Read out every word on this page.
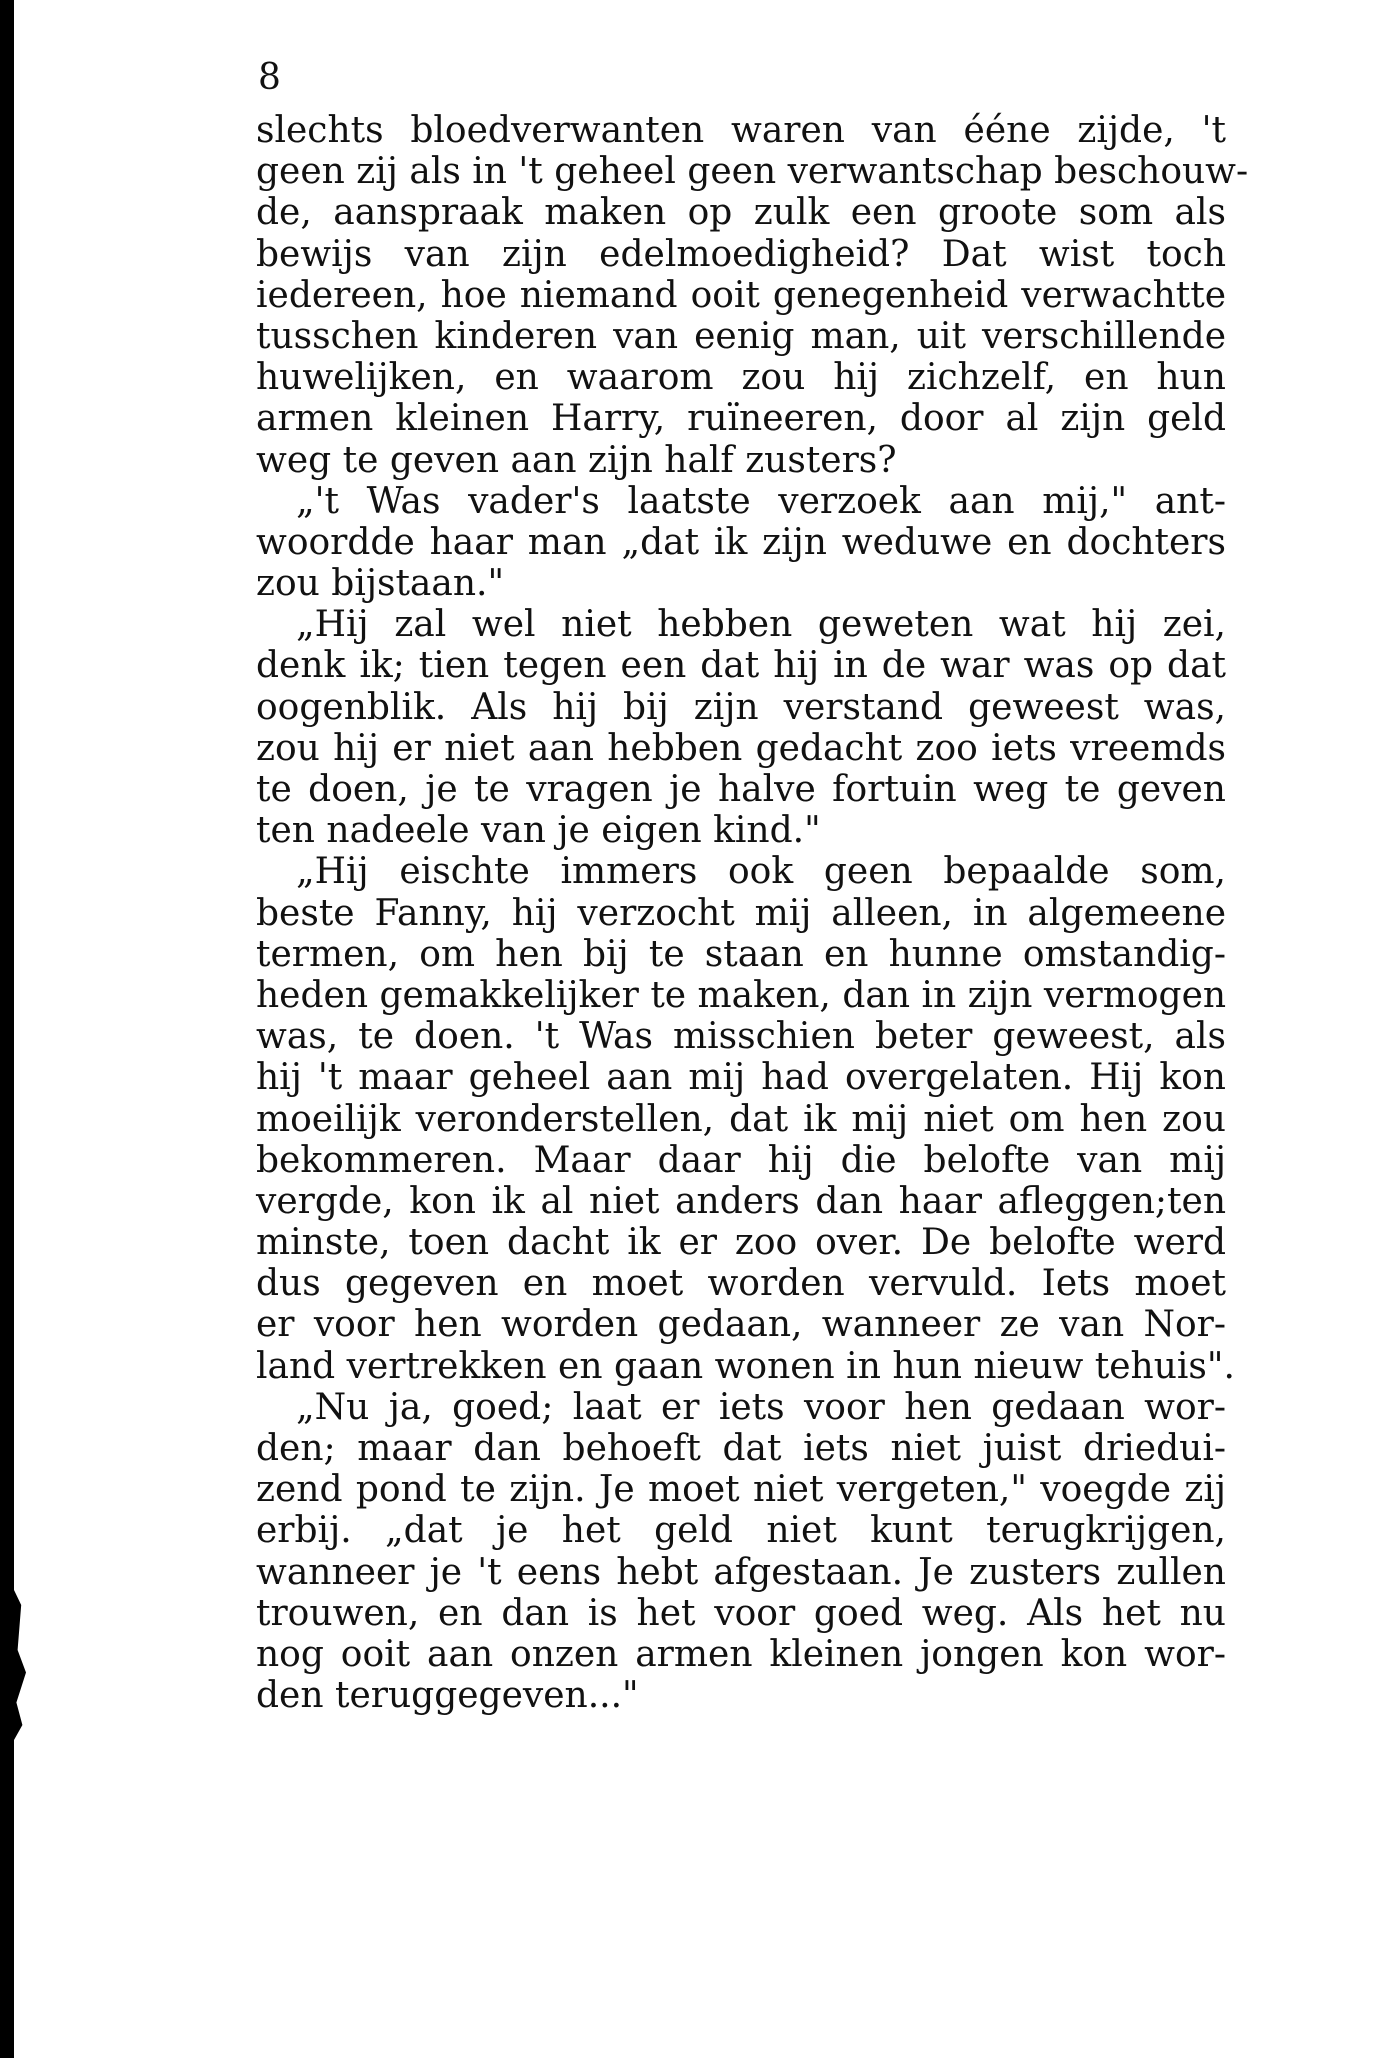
8
slechts bloedverwanten waren van ééne zijde, 't
geen zij als in 't geheel geen verwantschap beschouw-
de, aanspraak maken op zulk een groote som als
bewijs van zijn edelmoedigheid? Dat wist toch
iedereen, hoe niemand ooit genegenheid verwachtte
tusschen kinderen van eenig man, uit verschillende
huwelijken, en waarom zou hij zichzelf, en hun
armen kleinen Harry, ruïneeren, door al zijn geld
weg te geven aan zijn half zusters?
„'t Was vader's laatste verzoek aan mij," ant-
woordde haar man „dat ik zijn weduwe en dochters
zou bijstaan."
„Hij zal wel niet hebben geweten wat hij zei,
denk ik; tien tegen een dat hij in de war was op dat
oogenblik. Als hij bij zijn verstand geweest was,
zou hij er niet aan hebben gedacht zoo iets vreemds
te doen, je te vragen je halve fortuin weg te geven
ten nadeele van je eigen kind."
„Hij eischte immers ook geen bepaalde som,
beste Fanny, hij verzocht mij alleen, in algemeene
termen, om hen bij te staan en hunne omstandig-
heden gemakkelijker te maken, dan in zijn vermogen
was, te doen. 't Was misschien beter geweest, als
hij 't maar geheel aan mij had overgelaten. Hij kon
moeilijk veronderstellen, dat ik mij niet om hen zou
bekommeren. Maar daar hij die belofte van mij
vergde, kon ik al niet anders dan haar afleggen;ten
minste, toen dacht ik er zoo over. De belofte werd
dus gegeven en moet worden vervuld. Iets moet
er voor hen worden gedaan, wanneer ze van Nor-
land vertrekken en gaan wonen in hun nieuw tehuis".
„Nu ja, goed; laat er iets voor hen gedaan wor-
den; maar dan behoeft dat iets niet juist driedui-
zend pond te zijn. Je moet niet vergeten," voegde zij
erbij. „dat je het geld niet kunt terugkrijgen,
wanneer je 't eens hebt afgestaan. Je zusters zullen
trouwen, en dan is het voor goed weg. Als het nu
nog ooit aan onzen armen kleinen jongen kon wor-
den teruggegeven..."
